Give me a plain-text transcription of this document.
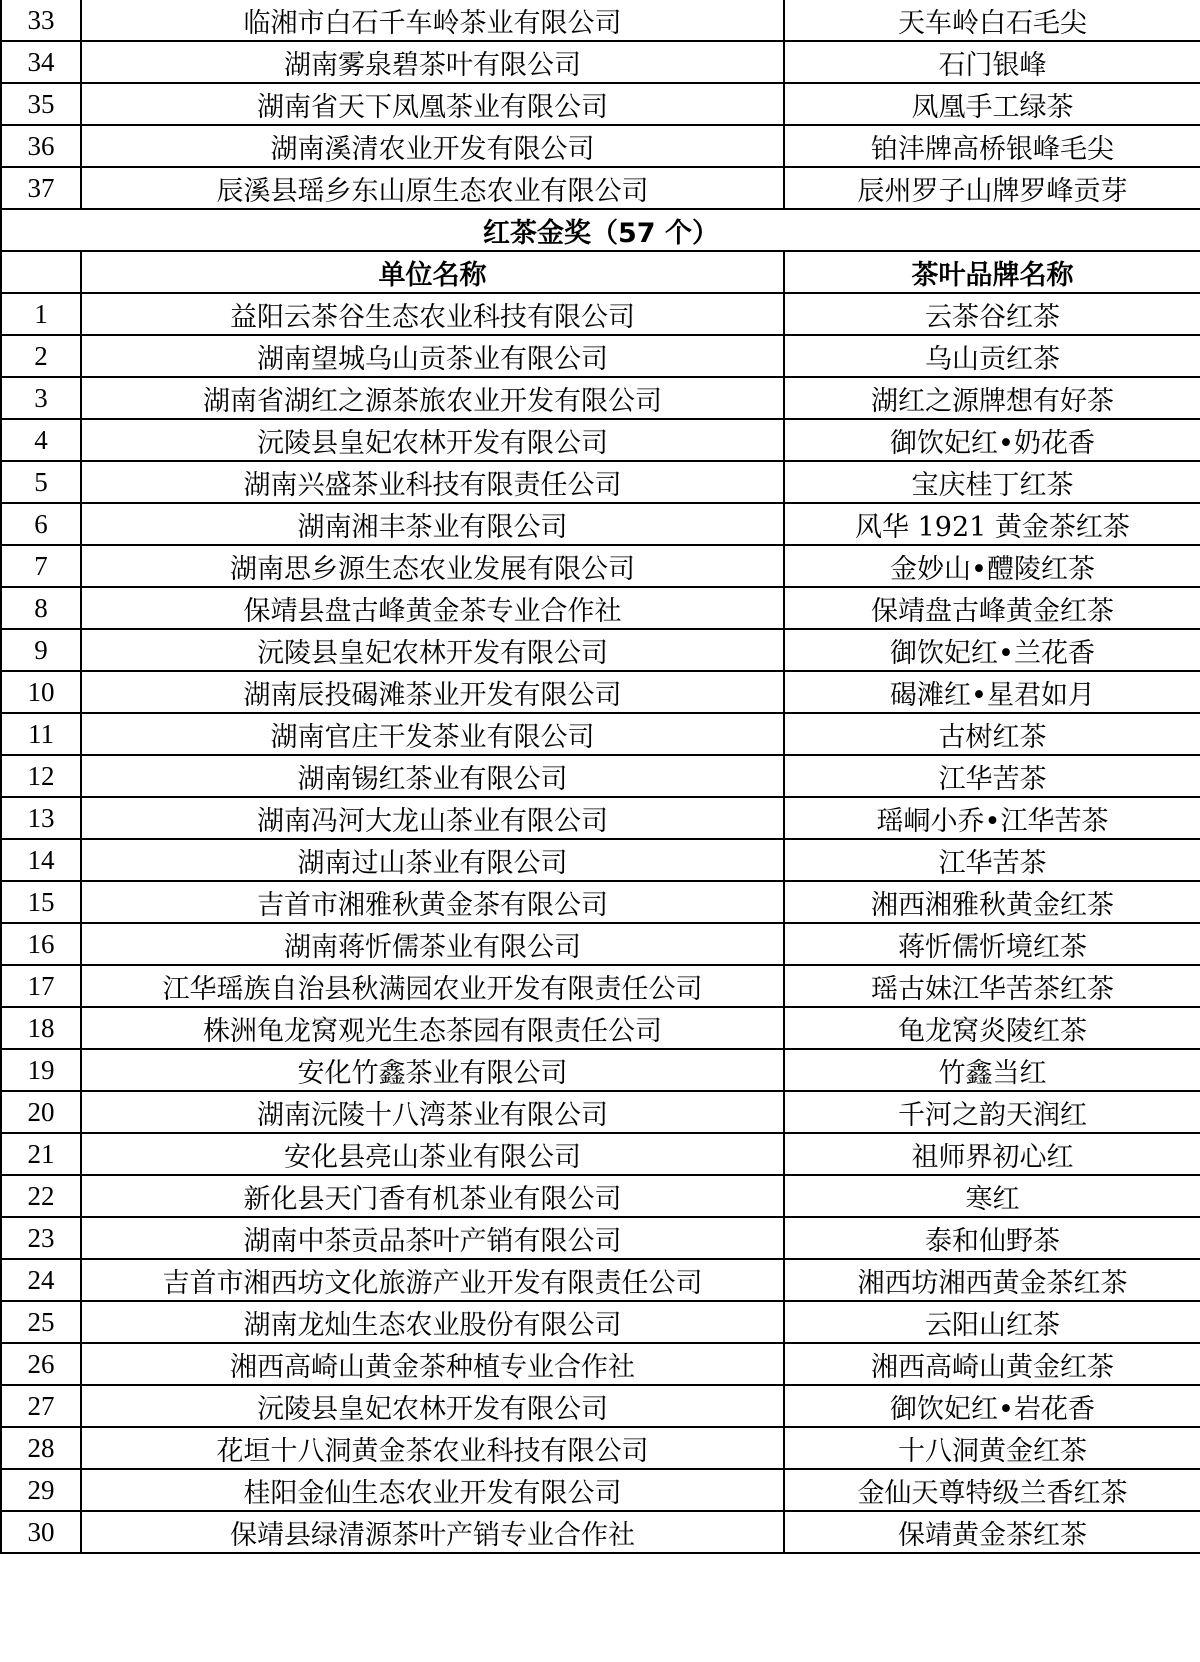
33	临湘市白石千车岭茶业有限公司	天车岭白石毛尖
34	湖南雾泉碧茶叶有限公司	石门银峰
35	湖南省天下凤凰茶业有限公司	凤凰手工绿茶
36	湖南溪清农业开发有限公司	铂沣牌高桥银峰毛尖
37	辰溪县瑶乡东山原生态农业有限公司	辰州罗子山牌罗峰贡芽
红茶金奖（57 个）		
	单位名称	茶叶品牌名称
1	益阳云茶谷生态农业科技有限公司	云茶谷红茶
2	湖南望城乌山贡茶业有限公司	乌山贡红茶
3	湖南省湖红之源茶旅农业开发有限公司	湖红之源牌想有好茶
4	沅陵县皇妃农林开发有限公司	御饮妃红•奶花香
5	湖南兴盛茶业科技有限责任公司	宝庆桂丁红茶
6	湖南湘丰茶业有限公司	风华 1921 黄金茶红茶
7	湖南思乡源生态农业发展有限公司	金妙山•醴陵红茶
8	保靖县盘古峰黄金茶专业合作社	保靖盘古峰黄金红茶
9	沅陵县皇妃农林开发有限公司	御饮妃红•兰花香
10	湖南辰投碣滩茶业开发有限公司	碣滩红•星君如月
11	湖南官庄干发茶业有限公司	古树红茶
12	湖南锡红茶业有限公司	江华苦茶
13	湖南冯河大龙山茶业有限公司	瑶峒小乔•江华苦茶
14	湖南过山茶业有限公司	江华苦茶
15	吉首市湘雅秋黄金茶有限公司	湘西湘雅秋黄金红茶
16	湖南蒋忻儒茶业有限公司	蒋忻儒忻境红茶
17	江华瑶族自治县秋满园农业开发有限责任公司	瑶古妹江华苦茶红茶
18	株洲龟龙窝观光生态茶园有限责任公司	龟龙窝炎陵红茶
19	安化竹鑫茶业有限公司	竹鑫当红
20	湖南沅陵十八湾茶业有限公司	千河之韵天润红
21	安化县亮山茶业有限公司	祖师界初心红
22	新化县天门香有机茶业有限公司	寒红
23	湖南中茶贡品茶叶产销有限公司	泰和仙野茶
24	吉首市湘西坊文化旅游产业开发有限责任公司	湘西坊湘西黄金茶红茶
25	湖南龙灿生态农业股份有限公司	云阳山红茶
26	湘西高崎山黄金茶种植专业合作社	湘西高崎山黄金红茶
27	沅陵县皇妃农林开发有限公司	御饮妃红•岩花香
28	花垣十八洞黄金茶农业科技有限公司	十八洞黄金红茶
29	桂阳金仙生态农业开发有限公司	金仙天尊特级兰香红茶
30	保靖县绿清源茶叶产销专业合作社	保靖黄金茶红茶
